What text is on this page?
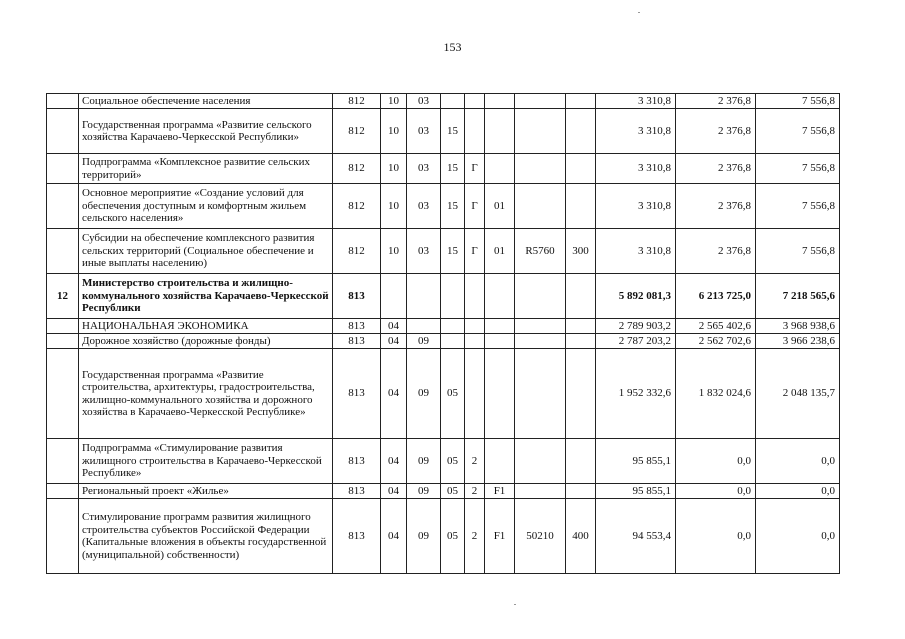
153
	Социальное обеспечение населения	812	10	03						3 310,8	2 376,8	7 556,8
	Государственная программа «Развитие сельского хозяйства Карачаево-Черкесской Республики»	812	10	03	15					3 310,8	2 376,8	7 556,8
	Подпрограмма «Комплексное развитие сельских территорий»	812	10	03	15	Г				3 310,8	2 376,8	7 556,8
	Основное мероприятие «Создание условий для обеспечения доступным и комфортным жильем сельского населения»	812	10	03	15	Г	01			3 310,8	2 376,8	7 556,8
	Субсидии на обеспечение комплексного развития сельских территорий (Социальное обеспечение и иные выплаты населению)	812	10	03	15	Г	01	R5760	300	3 310,8	2 376,8	7 556,8
12	Министерство строительства и жилищно-коммунального хозяйства Карачаево-Черкесской Республики	813								5 892 081,3	6 213 725,0	7 218 565,6
	НАЦИОНАЛЬНАЯ ЭКОНОМИКА	813	04							2 789 903,2	2 565 402,6	3 968 938,6
	Дорожное хозяйство (дорожные фонды)	813	04	09						2 787 203,2	2 562 702,6	3 966 238,6
	Государственная программа «Развитие строительства, архитектуры, градостроительства, жилищно-коммунального хозяйства и дорожного хозяйства в Карачаево-Черкесской Республике»	813	04	09	05					1 952 332,6	1 832 024,6	2 048 135,7
	Подпрограмма «Стимулирование развития жилищного строительства в Карачаево-Черкесской Республике»	813	04	09	05	2				95 855,1	0,0	0,0
	Региональный проект «Жилье»	813	04	09	05	2	F1			95 855,1	0,0	0,0
	Стимулирование программ развития жилищного строительства субъектов Российской Федерации (Капитальные вложения в объекты государственной (муниципальной) собственности)	813	04	09	05	2	F1	50210	400	94 553,4	0,0	0,0
